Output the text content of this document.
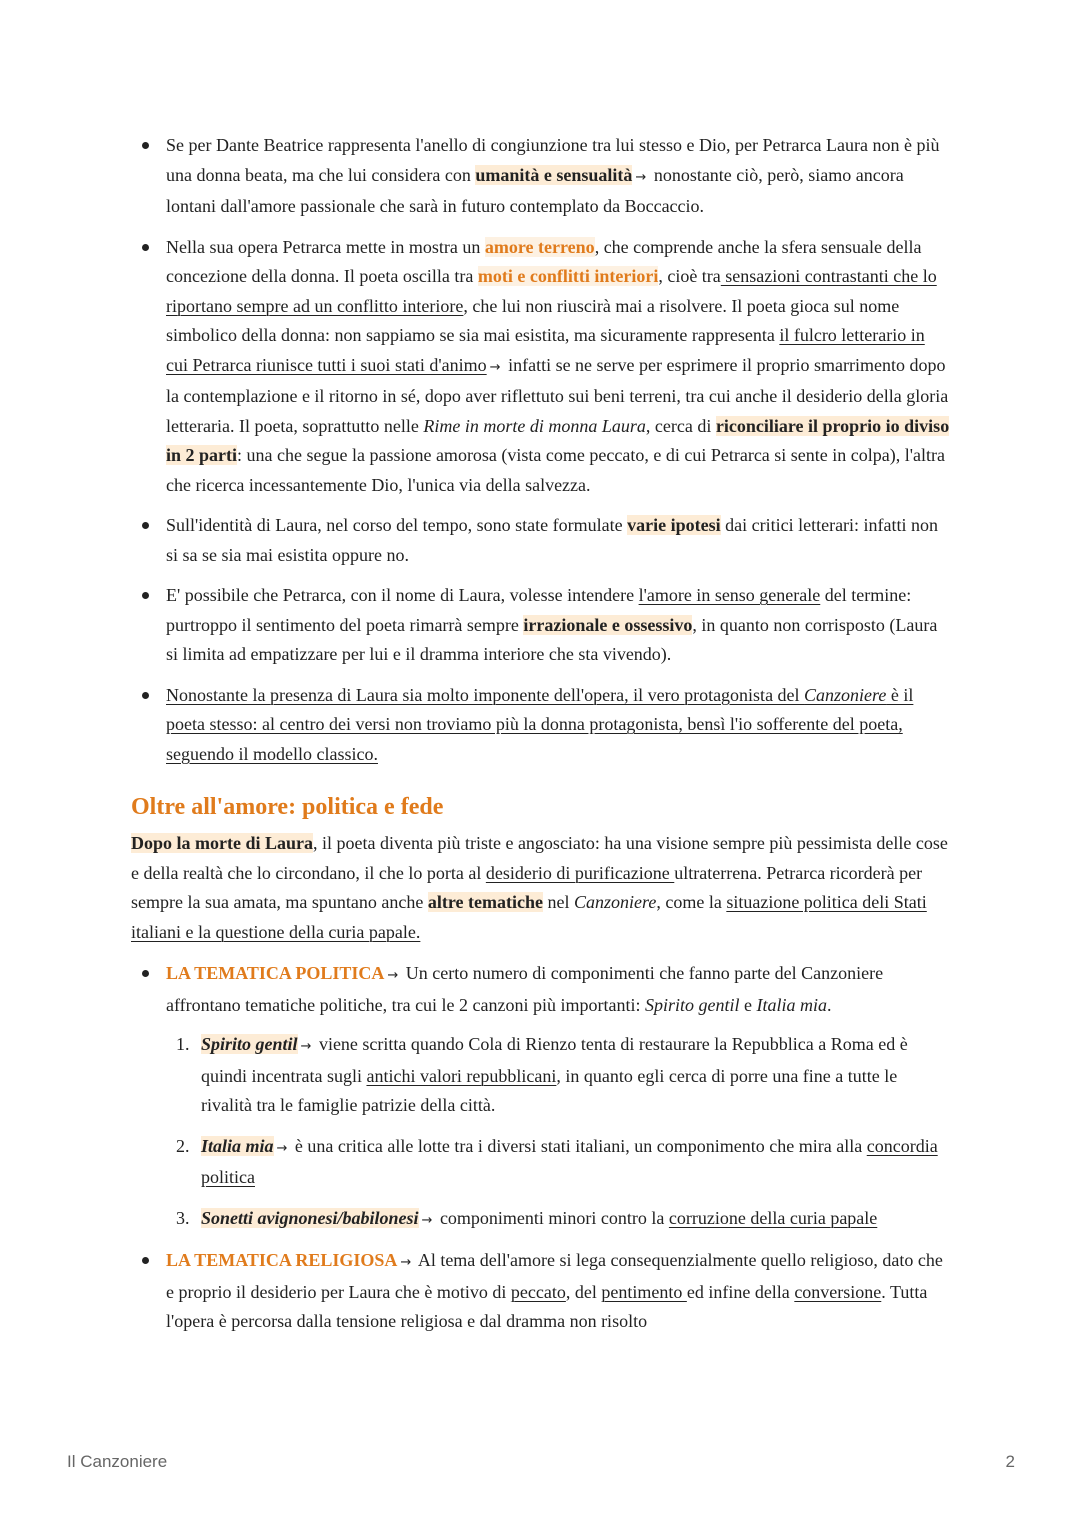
Se per Dante Beatrice rappresenta l'anello di congiunzione tra lui stesso e Dio, per Petrarca Laura non è più una donna beata, ma che lui considera con umanità e sensualità → nonostante ciò, però, siamo ancora lontani dall'amore passionale che sarà in futuro contemplato da Boccaccio.
Nella sua opera Petrarca mette in mostra un amore terreno, che comprende anche la sfera sensuale della concezione della donna. Il poeta oscilla tra moti e conflitti interiori, cioè tra sensazioni contrastanti che lo riportano sempre ad un conflitto interiore, che lui non riuscirà mai a risolvere. Il poeta gioca sul nome simbolico della donna: non sappiamo se sia mai esistita, ma sicuramente rappresenta il fulcro letterario in cui Petrarca riunisce tutti i suoi stati d'animo → infatti se ne serve per esprimere il proprio smarrimento dopo la contemplazione e il ritorno in sé, dopo aver riflettuto sui beni terreni, tra cui anche il desiderio della gloria letteraria. Il poeta, soprattutto nelle Rime in morte di monna Laura, cerca di riconciliare il proprio io diviso in 2 parti: una che segue la passione amorosa (vista come peccato, e di cui Petrarca si sente in colpa), l'altra che ricerca incessantemente Dio, l'unica via della salvezza.
Sull'identità di Laura, nel corso del tempo, sono state formulate varie ipotesi dai critici letterari: infatti non si sa se sia mai esistita oppure no.
E' possibile che Petrarca, con il nome di Laura, volesse intendere l'amore in senso generale del termine: purtroppo il sentimento del poeta rimarrà sempre irrazionale e ossessivo, in quanto non corrisposto (Laura si limita ad empatizzare per lui e il dramma interiore che sta vivendo).
Nonostante la presenza di Laura sia molto imponente dell'opera, il vero protagonista del Canzoniere è il poeta stesso: al centro dei versi non troviamo più la donna protagonista, bensì l'io sofferente del poeta, seguendo il modello classico.
Oltre all'amore: politica e fede

Dopo la morte di Laura, il poeta diventa più triste e angosciato: ha una visione sempre più pessimista delle cose e della realtà che lo circondano, il che lo porta al desiderio di purificazione ultraterrena. Petrarca ricorderà per sempre la sua amata, ma spuntano anche altre tematiche nel Canzoniere, come la situazione politica deli Stati italiani e la questione della curia papale.

LA TEMATICA POLITICA → Un certo numero di componimenti che fanno parte del Canzoniere affrontano tematiche politiche, tra cui le 2 canzoni più importanti: Spirito gentil e Italia mia.
1. Spirito gentil → viene scritta quando Cola di Rienzo tenta di restaurare la Repubblica a Roma ed è quindi incentrata sugli antichi valori repubblicani, in quanto egli cerca di porre una fine a tutte le rivalità tra le famiglie patrizie della città.
2. Italia mia → è una critica alle lotte tra i diversi stati italiani, un componimento che mira alla concordia politica
3. Sonetti avignonesi/babilonesi → componimenti minori contro la corruzione della curia papale
LA TEMATICA RELIGIOSA → Al tema dell'amore si lega consequenzialmente quello religioso, dato che e proprio il desiderio per Laura che è motivo di peccato, del pentimento ed infine della conversione. Tutta l'opera è percorsa dalla tensione religiosa e dal dramma non risolto
Il Canzoniere	2
